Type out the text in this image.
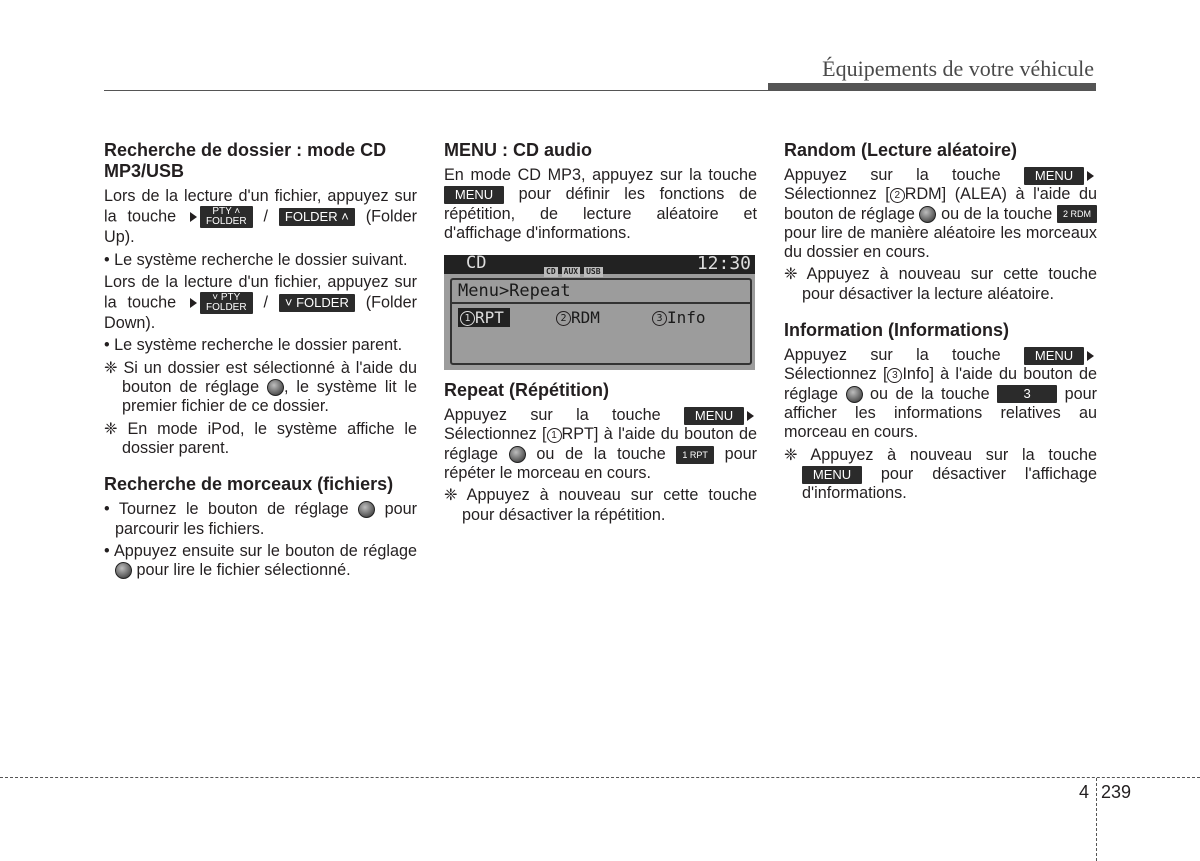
Équipements de votre véhicule
Recherche de dossier : mode CD MP3/USB

Lors de la lecture d'un fichier, appuyez sur la touche	PTY ˄
FOLDER / FOLDER ˄ (Folder Up).

• Le système recherche le dossier suivant.

Lors de la lecture d'un fichier, appuyez sur la touche	˅ PTY
FOLDER / ˅ FOLDER (Folder Down).

• Le système recherche le dossier parent.
❈ Si un dossier est sélectionné à l'aide du bouton de réglage , le système lit le premier fichier de ce dossier.
❈ En mode iPod, le système affiche le dossier parent.
Recherche de morceaux (fichiers)
• Tournez le bouton de réglage pour parcourir les fichiers.
• Appuyez ensuite sur le bouton de réglage  pour lire le fichier sélectionné.
MENU : CD audio

En mode CD MP3, appuyez sur la touche MENU pour définir les fonctions de répétition, de lecture aléatoire et d'affichage d'informations.

CD	CD AUX USB	12:30
Menu>Repeat
1 RPT	2 RDM	3 Info
Repeat (Répétition)

Appuyez sur la touche	MENU Sélectionnez [ 1 RPT] à l'aide du bouton de réglage ou de la touche 1 RPT pour répéter le morceau en cours.

❈ Appuyez à nouveau sur cette touche pour désactiver la répétition.
Random (Lecture aléatoire)

Appuyez sur la touche	MENU Sélectionnez [ 2 RDM] (ALEA) à l'aide du bouton de réglage ou de la touche 2 RDM pour lire de manière aléatoire les morceaux du dossier en cours.

❈ Appuyez à nouveau sur cette touche pour désactiver la lecture aléatoire.
Information (Informations)

Appuyez sur la touche	MENU Sélectionnez [ 3 Info] à l'aide du bouton de réglage ou de la touche	3 pour afficher les informations relatives au morceau en cours.

❈ Appuyez à nouveau sur la touche MENU pour désactiver l'affichage d'informations.
4 239
